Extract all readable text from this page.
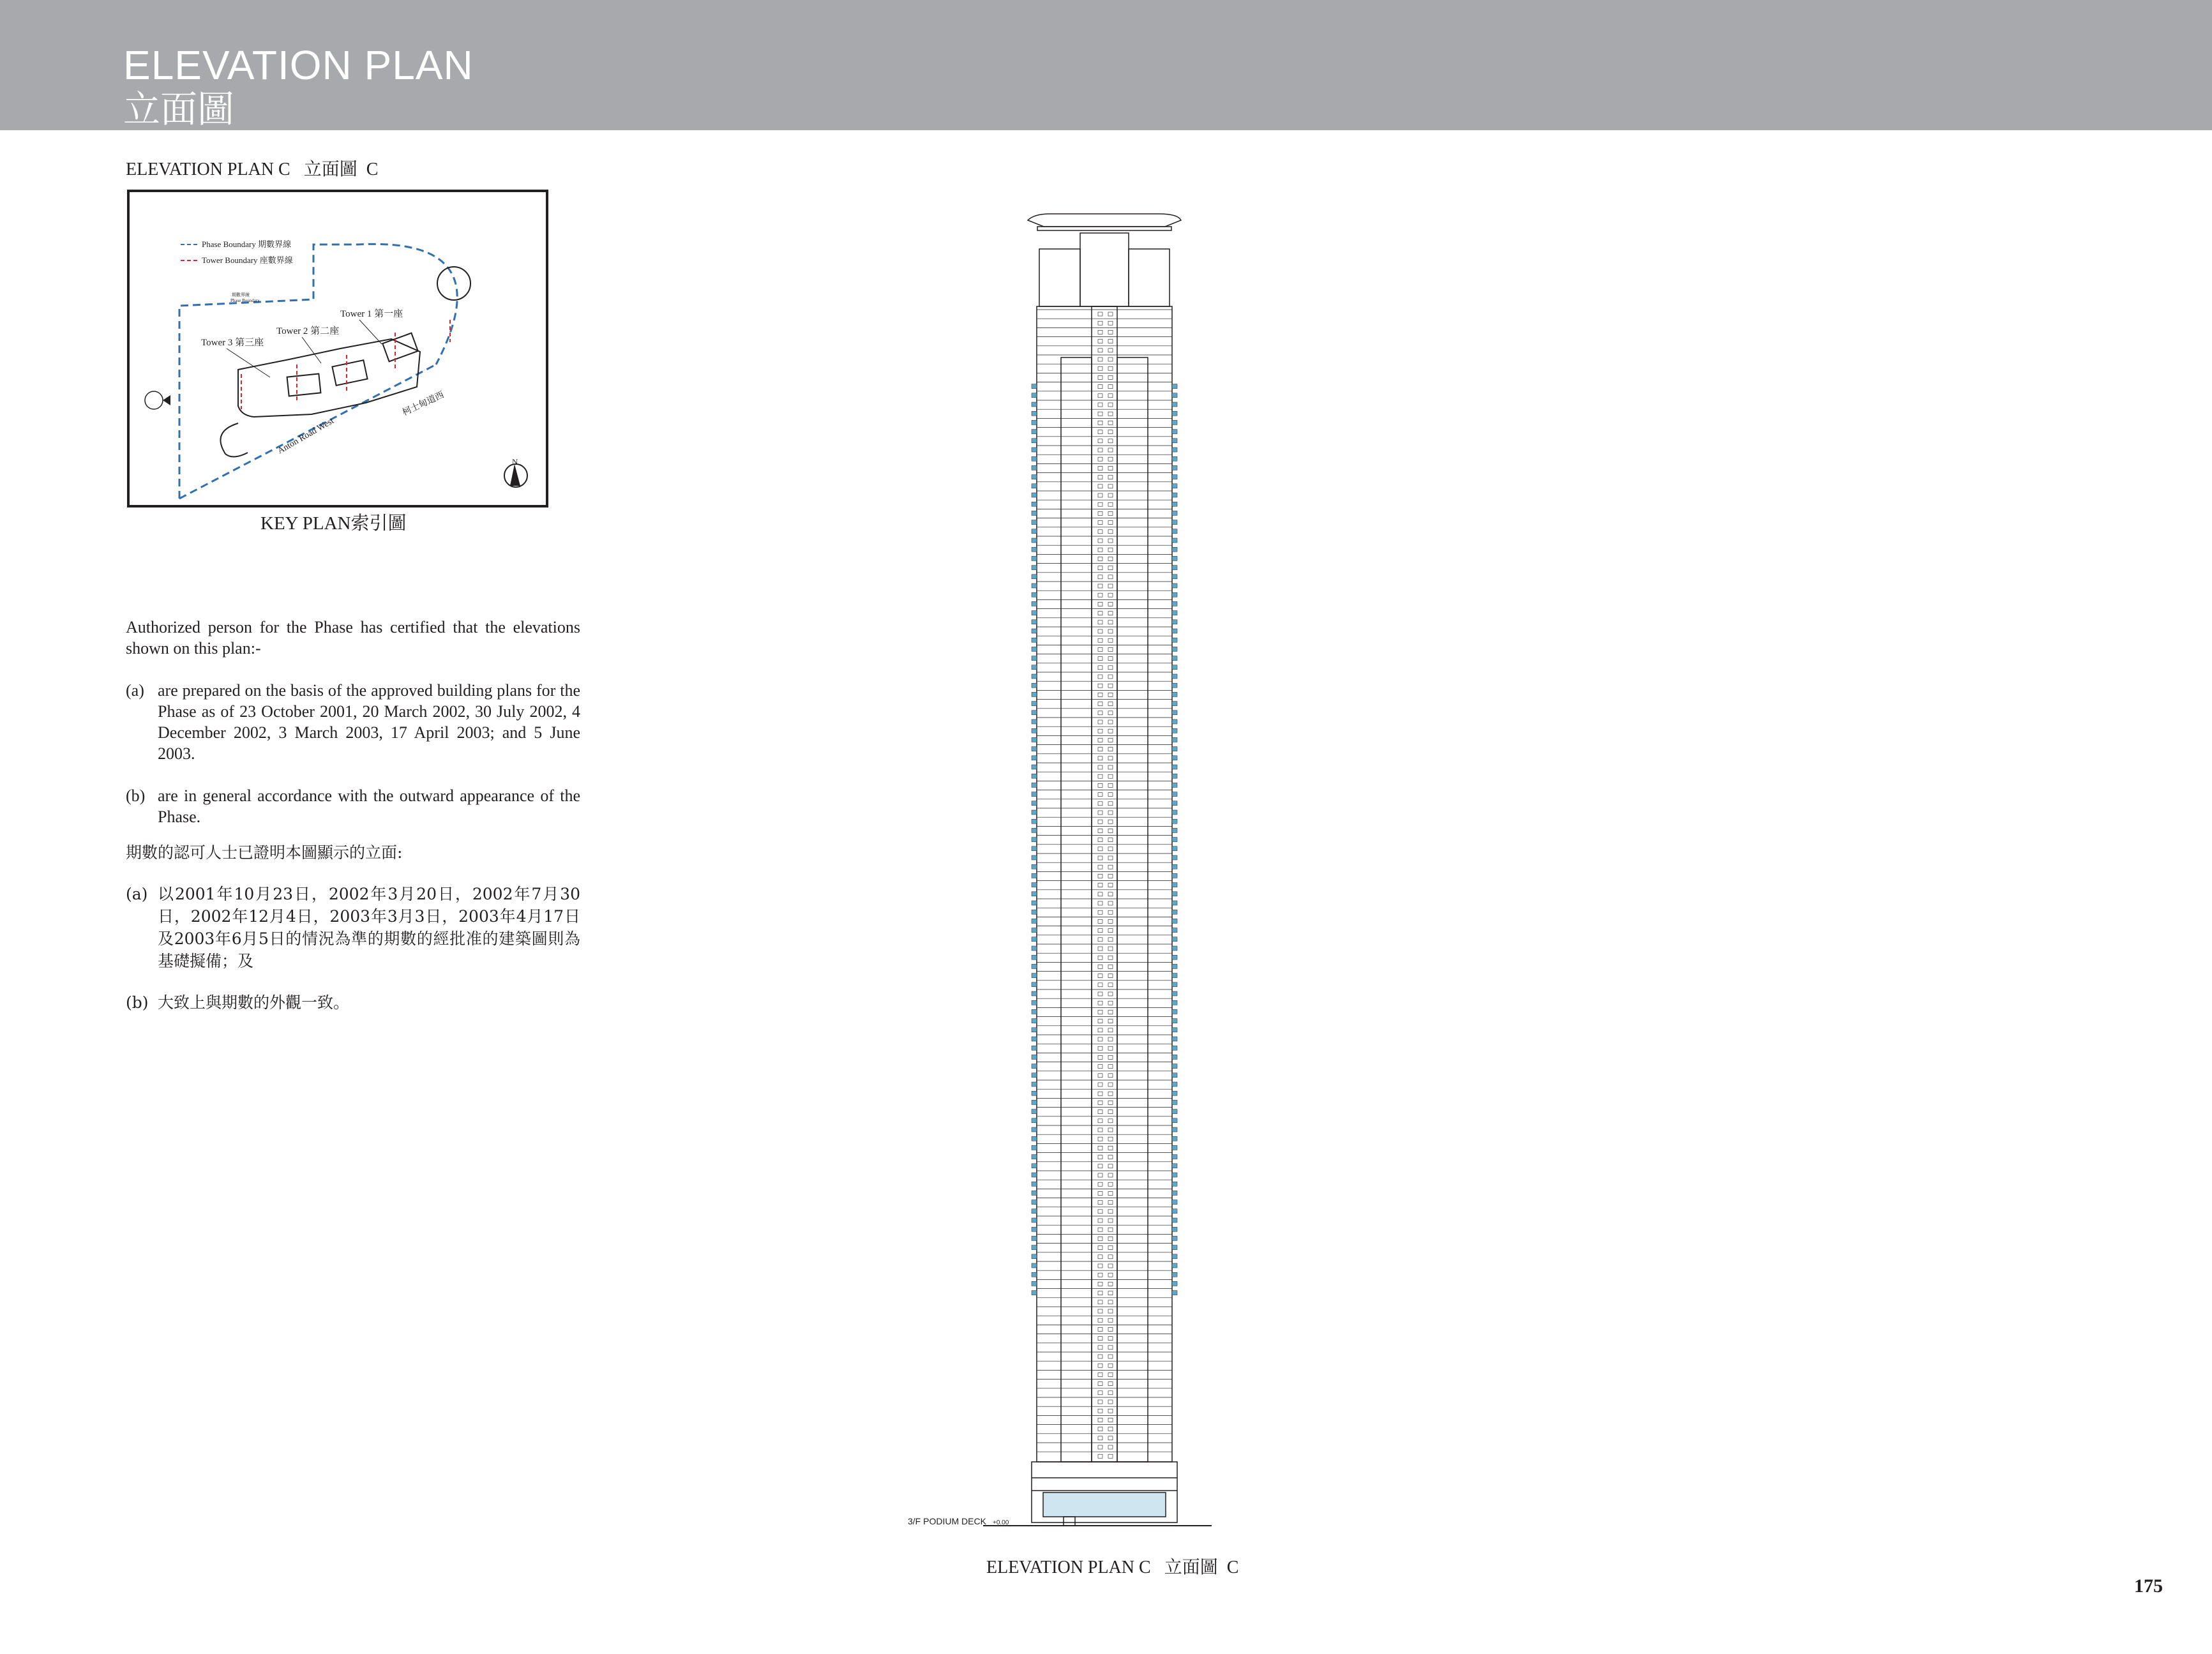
ELEVATION PLAN
立面圖
ELEVATION PLAN C   立面圖  C
Phase Boundary 期數界線
Tower Boundary 座數界線
Tower 1 第一座
Tower 2 第二座
Tower 3 第三座
期數界線
Phase Boundary
Anton Road West
柯士甸道西
N
KEY PLAN索引圖

Authorized person for the Phase has certified that the elevations shown on this plan:-

(a) are prepared on the basis of the approved building plans for the Phase as of 23 October 2001, 20 March 2002, 30 July 2002, 4 December 2002, 3 March 2003, 17 April 2003; and 5 June 2003.
(b) are in general accordance with the outward appearance of the Phase.

期數的認可人士已證明本圖顯示的立面:

(a) 以2001年10月23日，2002年3月20日，2002年7月30日，2002年12月4日，2003年3月3日，2003年4月17日及2003年6月5日的情況為準的期數的經批准的建築圖則為基礎擬備；及
(b) 大致上與期數的外觀一致。
3/F PODIUM DECK +0.00
ELEVATION PLAN C   立面圖  C
175
